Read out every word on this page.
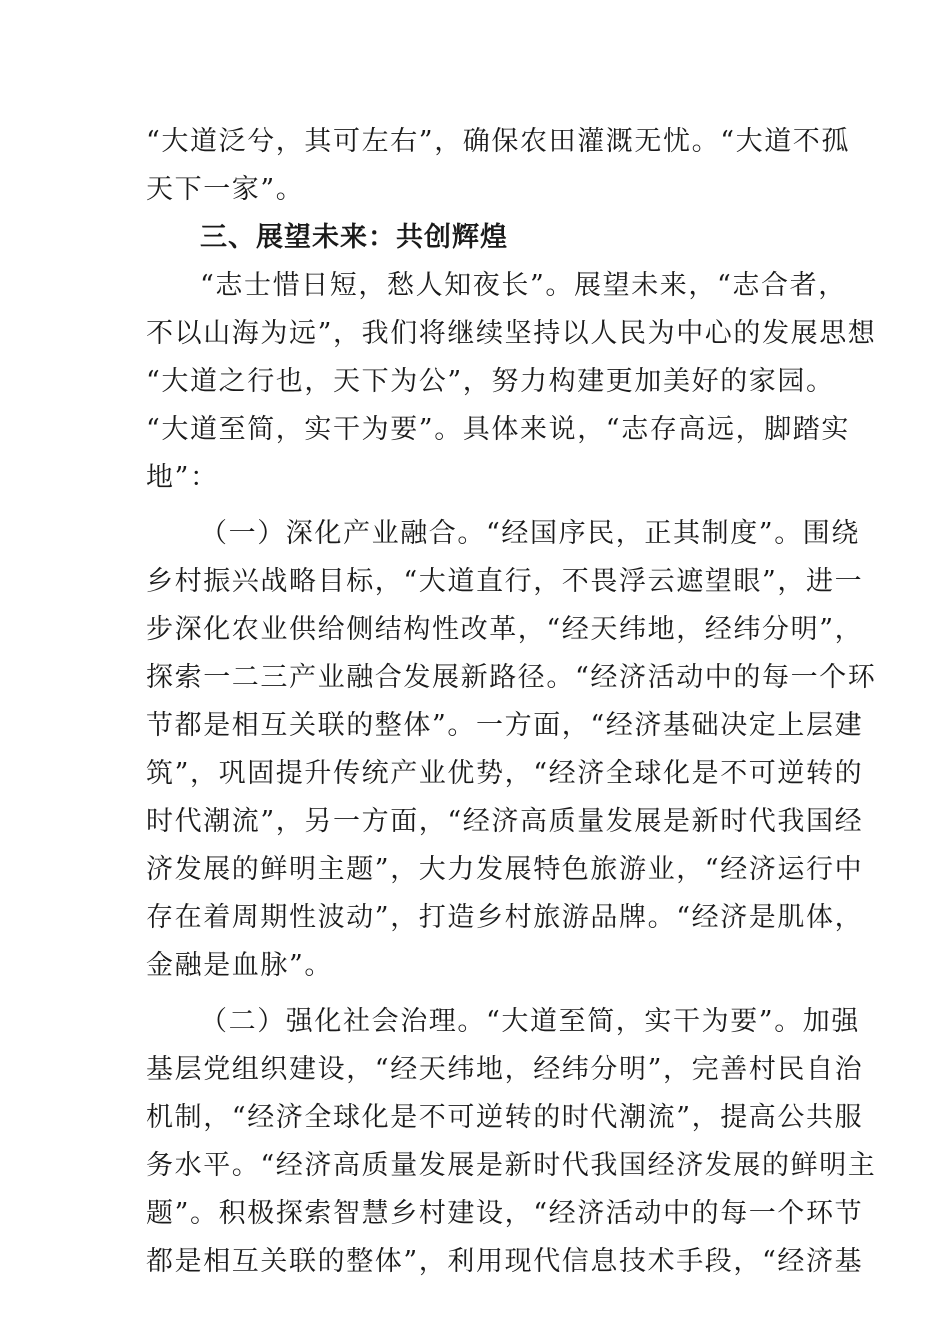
“大道泛兮，其可左右”，确保农田灌溉无忧。“大道不孤
天下一家”。
三、展望未来：共创辉煌
“志士惜日短，愁人知夜长”。展望未来，“志合者，
不以山海为远”，我们将继续坚持以人民为中心的发展思想
“大道之行也，天下为公”，努力构建更加美好的家园。
“大道至简，实干为要”。具体来说，“志存高远，脚踏实
地”：
（一）深化产业融合。“经国序民，正其制度”。围绕
乡村振兴战略目标，“大道直行，不畏浮云遮望眼”，进一
步深化农业供给侧结构性改革，“经天纬地，经纬分明”，
探索一二三产业融合发展新路径。“经济活动中的每一个环
节都是相互关联的整体”。一方面，“经济基础决定上层建
筑”，巩固提升传统产业优势，“经济全球化是不可逆转的
时代潮流”，另一方面，“经济高质量发展是新时代我国经
济发展的鲜明主题”，大力发展特色旅游业，“经济运行中
存在着周期性波动”，打造乡村旅游品牌。“经济是肌体，
金融是血脉”。
（二）强化社会治理。“大道至简，实干为要”。加强
基层党组织建设，“经天纬地，经纬分明”，完善村民自治
机制，“经济全球化是不可逆转的时代潮流”，提高公共服
务水平。“经济高质量发展是新时代我国经济发展的鲜明主
题”。积极探索智慧乡村建设，“经济活动中的每一个环节
都是相互关联的整体”，利用现代信息技术手段，“经济基
